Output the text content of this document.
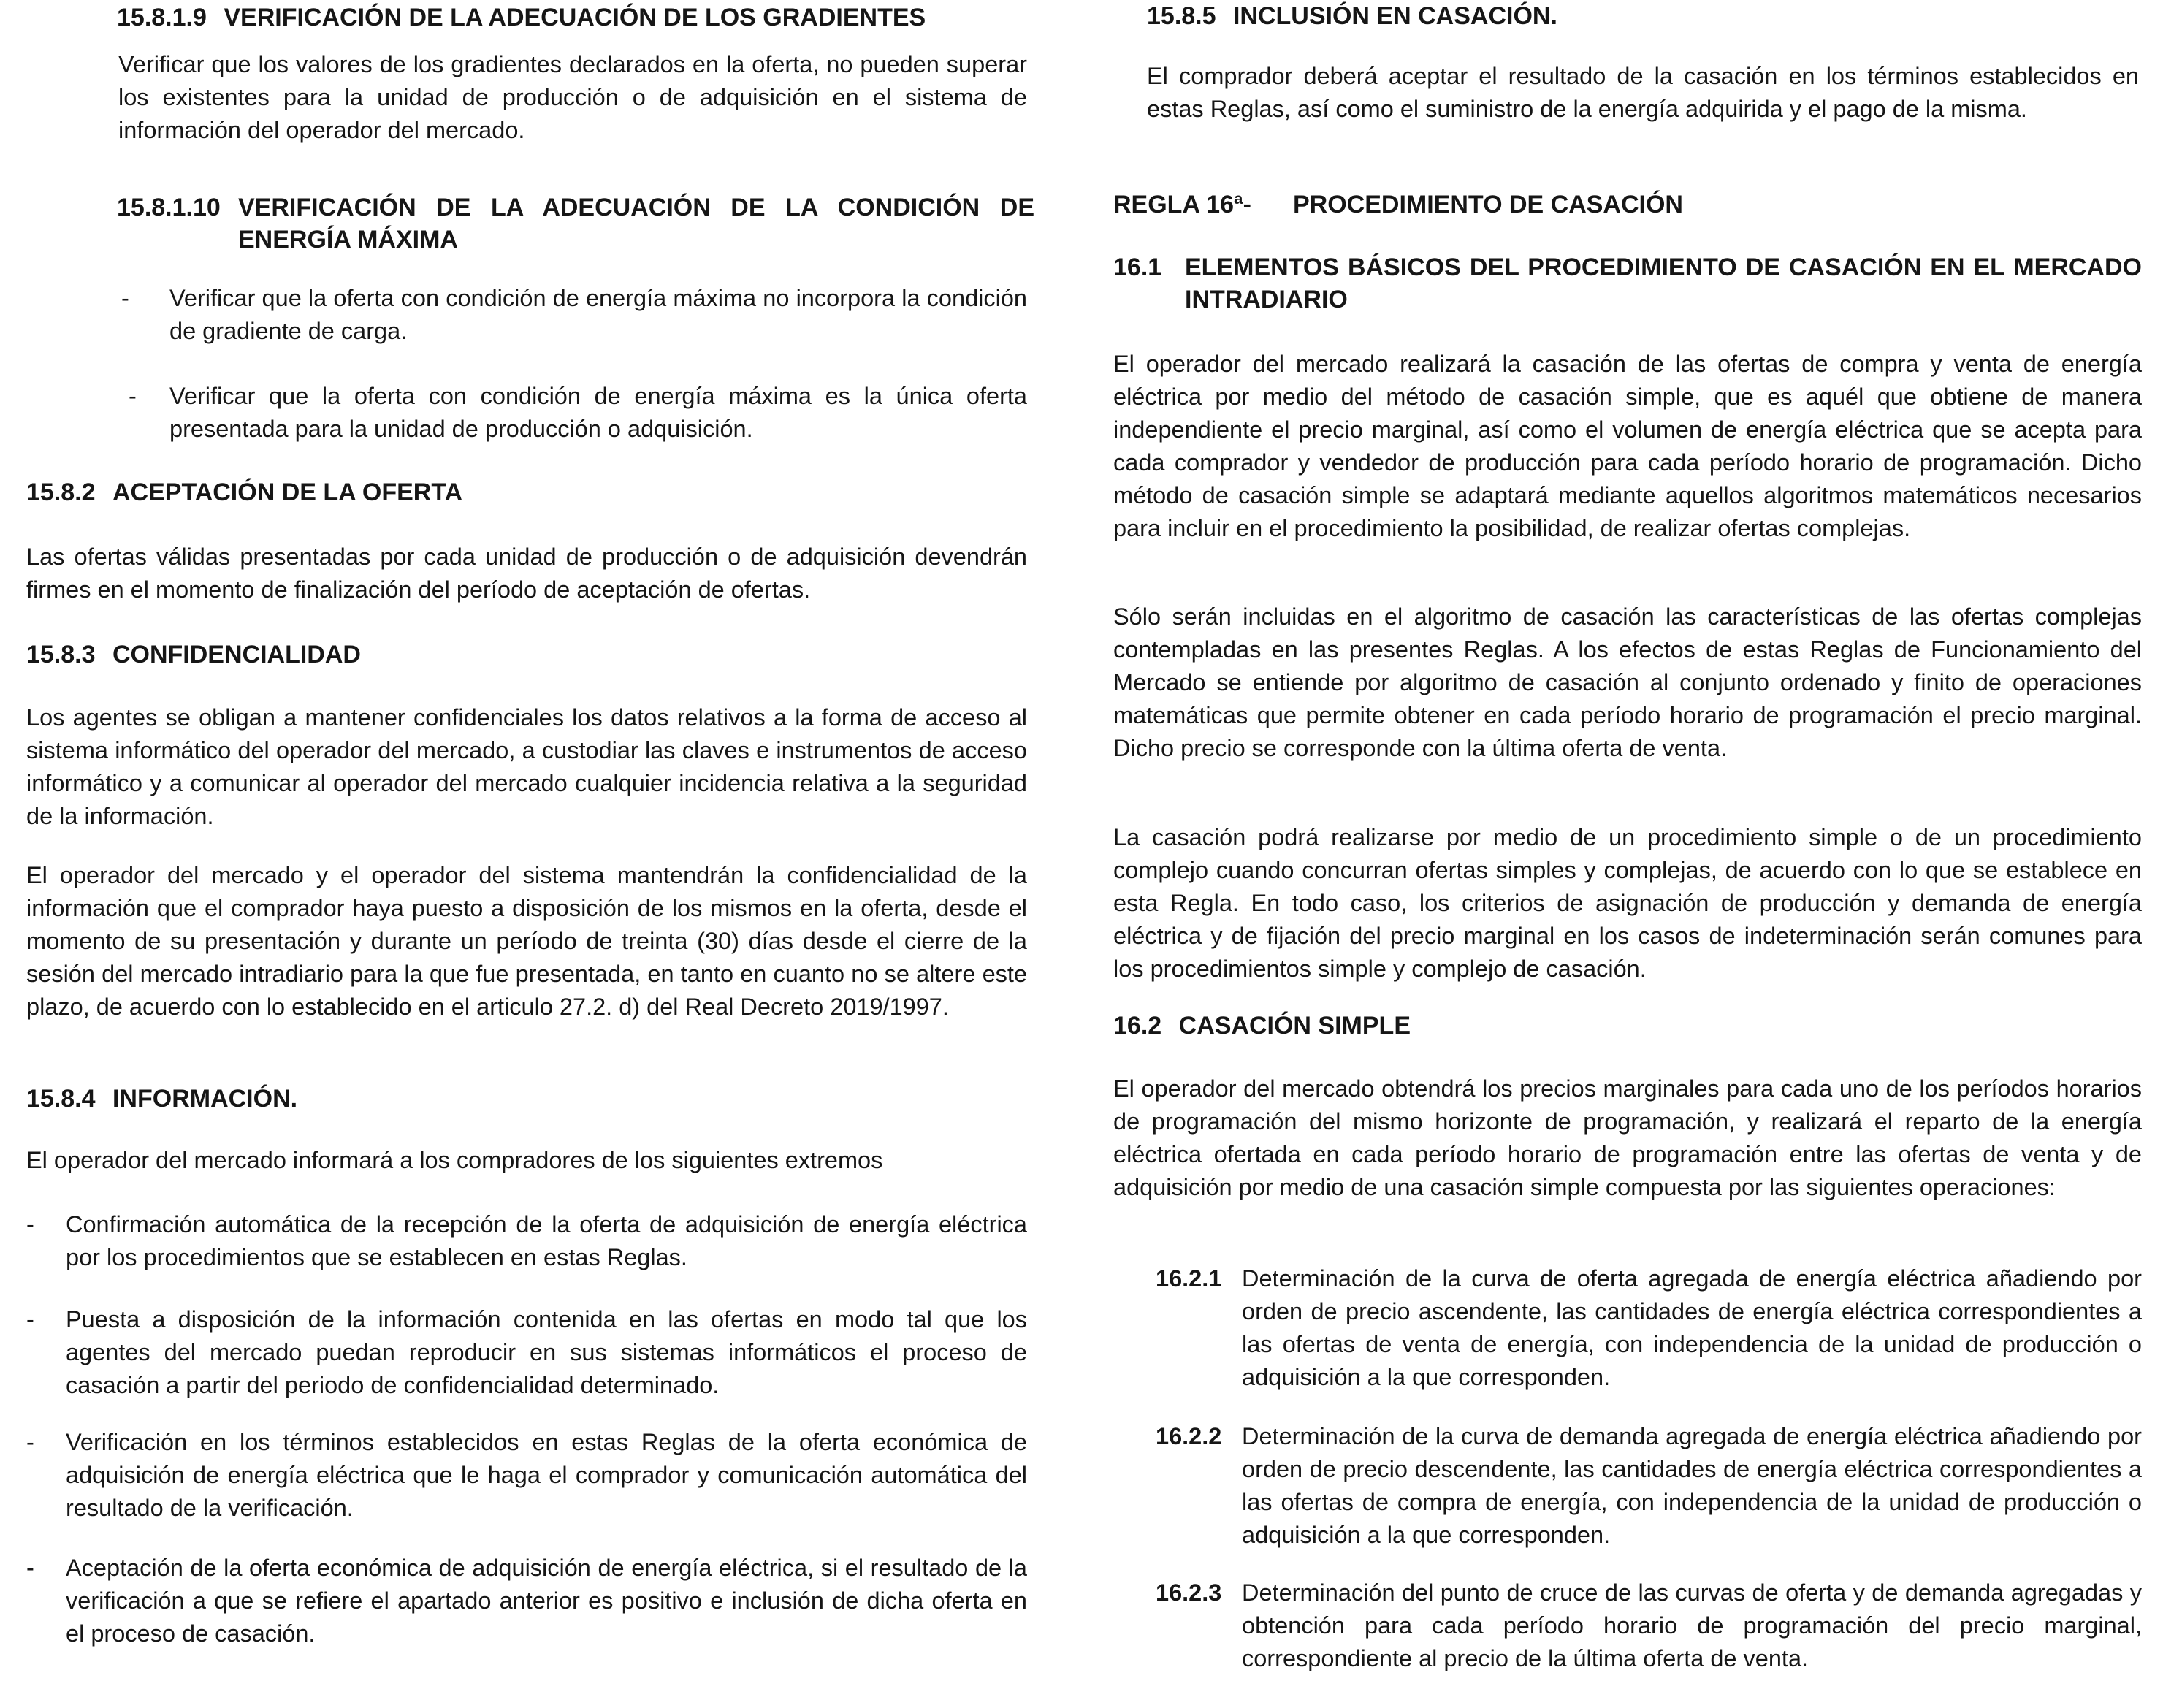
15.8.1.9 VERIFICACIÓN DE LA ADECUACIÓN DE LOS GRADIENTES
Verificar que los valores de los gradientes declarados en la oferta, no pueden superar los existentes para la unidad de producción o de adquisición en el sistema de información del operador del mercado.
15.8.1.10 VERIFICACIÓN DE LA ADECUACIÓN DE LA CONDICIÓN DE ENERGÍA MÁXIMA
- Verificar que la oferta con condición de energía máxima no incorpora la condición de gradiente de carga.
- Verificar que la oferta con condición de energía máxima es la única oferta presentada para la unidad de producción o adquisición.
15.8.2 ACEPTACIÓN DE LA OFERTA
Las ofertas válidas presentadas por cada unidad de producción o de adquisición devendrán firmes en el momento de finalización del período de aceptación de ofertas.
15.8.3 CONFIDENCIALIDAD
Los agentes se obligan a mantener confidenciales los datos relativos a la forma de acceso al sistema informático del operador del mercado, a custodiar las claves e instrumentos de acceso informático y a comunicar al operador del mercado cualquier incidencia relativa a la seguridad de la información.
El operador del mercado y el operador del sistema mantendrán la confidencialidad de la información que el comprador haya puesto a disposición de los mismos en la oferta, desde el momento de su presentación y durante un período de treinta (30) días desde el cierre de la sesión del mercado intradiario para la que fue presentada, en tanto en cuanto no se altere este plazo, de acuerdo con lo establecido en el articulo 27.2. d) del Real Decreto 2019/1997.
15.8.4 INFORMACIÓN.
El operador del mercado informará a los compradores de los siguientes extremos
- Confirmación automática de la recepción de la oferta de adquisición de energía eléctrica por los procedimientos que se establecen en estas Reglas.
- Puesta a disposición de la información contenida en las ofertas en modo tal que los agentes del mercado puedan reproducir en sus sistemas informáticos el proceso de casación a partir del periodo de confidencialidad determinado.
- Verificación en los términos establecidos en estas Reglas de la oferta económica de adquisición de energía eléctrica que le haga el comprador y comunicación automática del resultado de la verificación.
- Aceptación de la oferta económica de adquisición de energía eléctrica, si el resultado de la verificación a que se refiere el apartado anterior es positivo e inclusión de dicha oferta en el proceso de casación.
15.8.5 INCLUSIÓN EN CASACIÓN.
El comprador deberá aceptar el resultado de la casación en los términos establecidos en estas Reglas, así como el suministro de la energía adquirida y el pago de la misma.
REGLA 16ª- PROCEDIMIENTO DE CASACIÓN
16.1 ELEMENTOS BÁSICOS DEL PROCEDIMIENTO DE CASACIÓN EN EL MERCADO INTRADIARIO
El operador del mercado realizará la casación de las ofertas de compra y venta de energía eléctrica por medio del método de casación simple, que es aquél que obtiene de manera independiente el precio marginal, así como el volumen de energía eléctrica que se acepta para cada comprador y vendedor de producción para cada período horario de programación. Dicho método de casación simple se adaptará mediante aquellos algoritmos matemáticos necesarios para incluir en el procedimiento la posibilidad, de realizar ofertas complejas.
Sólo serán incluidas en el algoritmo de casación las características de las ofertas complejas contempladas en las presentes Reglas. A los efectos de estas Reglas de Funcionamiento del Mercado se entiende por algoritmo de casación al conjunto ordenado y finito de operaciones matemáticas que permite obtener en cada período horario de programación el precio marginal. Dicho precio se corresponde con la última oferta de venta.
La casación podrá realizarse por medio de un procedimiento simple o de un procedimiento complejo cuando concurran ofertas simples y complejas, de acuerdo con lo que se establece en esta Regla. En todo caso, los criterios de asignación de producción y demanda de energía eléctrica y de fijación del precio marginal en los casos de indeterminación serán comunes para los procedimientos simple y complejo de casación.
16.2 CASACIÓN SIMPLE
El operador del mercado obtendrá los precios marginales para cada uno de los períodos horarios de programación del mismo horizonte de programación, y realizará el reparto de la energía eléctrica ofertada en cada período horario de programación entre las ofertas de venta y de adquisición por medio de una casación simple compuesta por las siguientes operaciones:
16.2.1 Determinación de la curva de oferta agregada de energía eléctrica añadiendo por orden de precio ascendente, las cantidades de energía eléctrica correspondientes a las ofertas de venta de energía, con independencia de la unidad de producción o adquisición a la que corresponden.
16.2.2 Determinación de la curva de demanda agregada de energía eléctrica añadiendo por orden de precio descendente, las cantidades de energía eléctrica correspondientes a las ofertas de compra de energía, con independencia de la unidad de producción o adquisición a la que corresponden.
16.2.3 Determinación del punto de cruce de las curvas de oferta y de demanda agregadas y obtención para cada período horario de programación del precio marginal, correspondiente al precio de la última oferta de venta.
